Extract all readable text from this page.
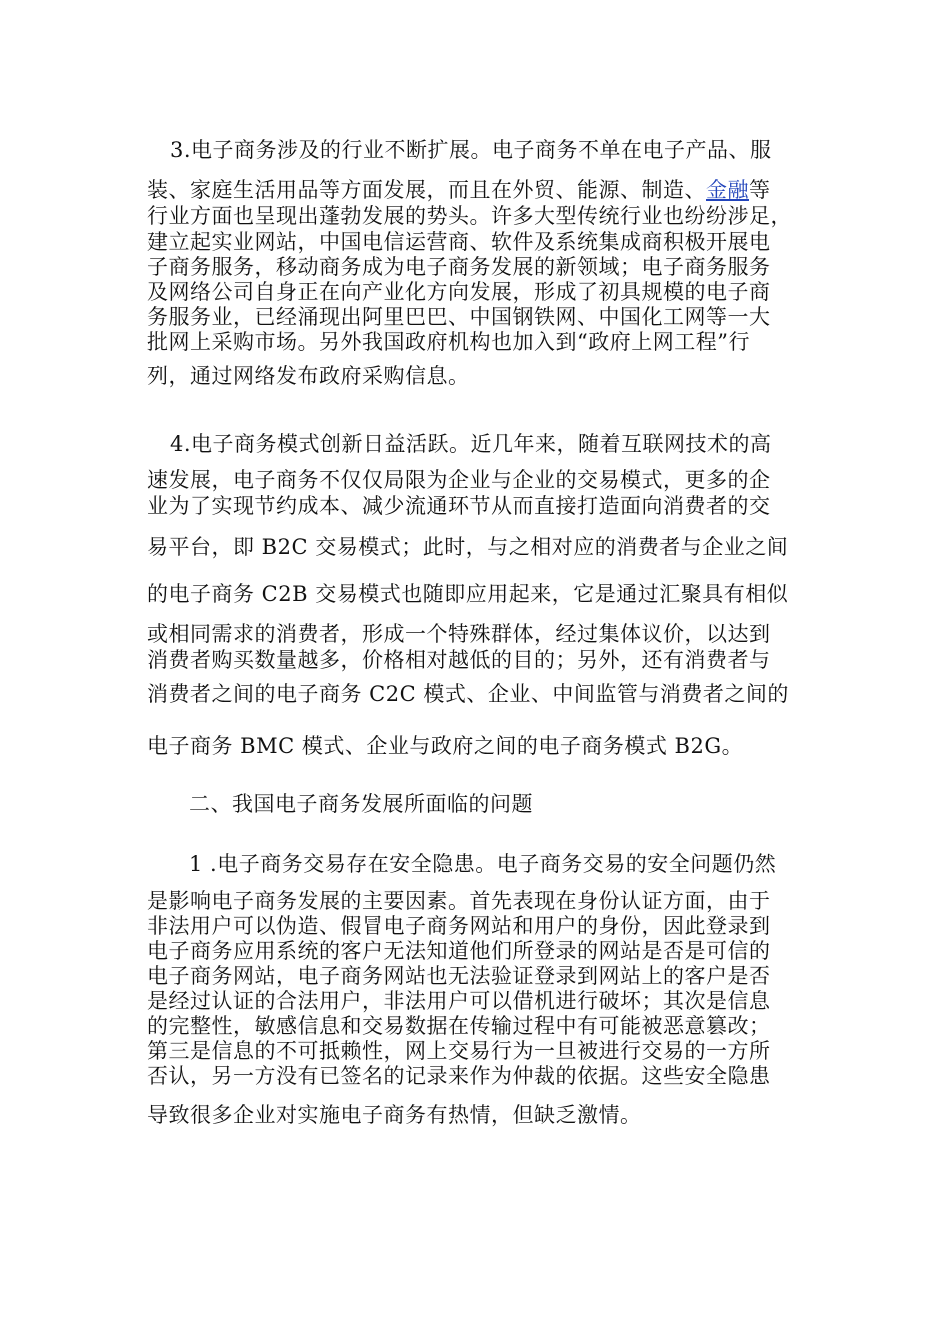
3.电子商务涉及的行业不断扩展。电子商务不单在电子产品、服
装、家庭生活用品等方面发展，而且在外贸、能源、制造、金融等
行业方面也呈现出蓬勃发展的势头。许多大型传统行业也纷纷涉足，
建立起实业网站，中国电信运营商、软件及系统集成商积极开展电
子商务服务，移动商务成为电子商务发展的新领域；电子商务服务
及网络公司自身正在向产业化方向发展，形成了初具规模的电子商
务服务业，已经涌现出阿里巴巴、中国钢铁网、中国化工网等一大
批网上采购市场。另外我国政府机构也加入到“政府上网工程”行
列，通过网络发布政府采购信息。
4.电子商务模式创新日益活跃。近几年来，随着互联网技术的高
速发展，电子商务不仅仅局限为企业与企业的交易模式，更多的企
业为了实现节约成本、减少流通环节从而直接打造面向消费者的交
易平台，即 B2C 交易模式；此时，与之相对应的消费者与企业之间
的电子商务 C2B 交易模式也随即应用起来，它是通过汇聚具有相似
或相同需求的消费者，形成一个特殊群体，经过集体议价，以达到
消费者购买数量越多，价格相对越低的目的；另外，还有消费者与
消费者之间的电子商务 C2C 模式、企业、中间监管与消费者之间的
电子商务 BMC 模式、企业与政府之间的电子商务模式 B2G。
二、我国电子商务发展所面临的问题
1 .电子商务交易存在安全隐患。电子商务交易的安全问题仍然
是影响电子商务发展的主要因素。首先表现在身份认证方面，由于
非法用户可以伪造、假冒电子商务网站和用户的身份，因此登录到
电子商务应用系统的客户无法知道他们所登录的网站是否是可信的
电子商务网站，电子商务网站也无法验证登录到网站上的客户是否
是经过认证的合法用户，非法用户可以借机进行破坏；其次是信息
的完整性，敏感信息和交易数据在传输过程中有可能被恶意篡改；
第三是信息的不可抵赖性，网上交易行为一旦被进行交易的一方所
否认，另一方没有已签名的记录来作为仲裁的依据。这些安全隐患
导致很多企业对实施电子商务有热情，但缺乏激情。
